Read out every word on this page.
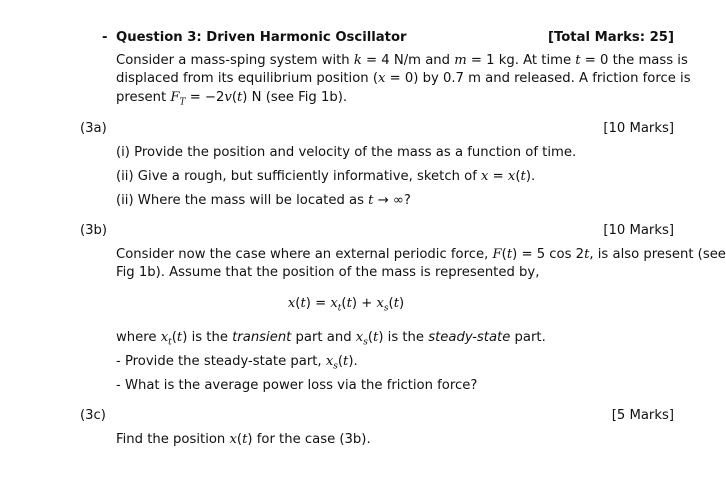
- Question 3: Driven Harmonic Oscillator	[Total Marks: 25]
Consider a mass-sping system with k = 4 N/m and m = 1 kg. At time t = 0 the mass is
displaced from its equilibrium position (x = 0) by 0.7 m and released. A friction force is
present $F_T = -2v(t)$ N (see Fig 1b).
(3a)	[10 Marks]
(i) Provide the position and velocity of the mass as a function of time.
(ii) Give a rough, but sufficiently informative, sketch of x = x(t).
(ii) Where the mass will be located as t → ∞?
(3b)	[10 Marks]
Consider now the case where an external periodic force, F(t) = 5 cos 2t, is also present (see
Fig 1b). Assume that the position of the mass is represented by,
$x(t) = x_t(t) + x_s(t)$
where $x_t(t)$ is the transient part and $x_s(t)$ is the steady-state part.
- Provide the steady-state part, $x_s(t)$.
- What is the average power loss via the friction force?
(3c)	[5 Marks]
Find the position x(t) for the case (3b).
